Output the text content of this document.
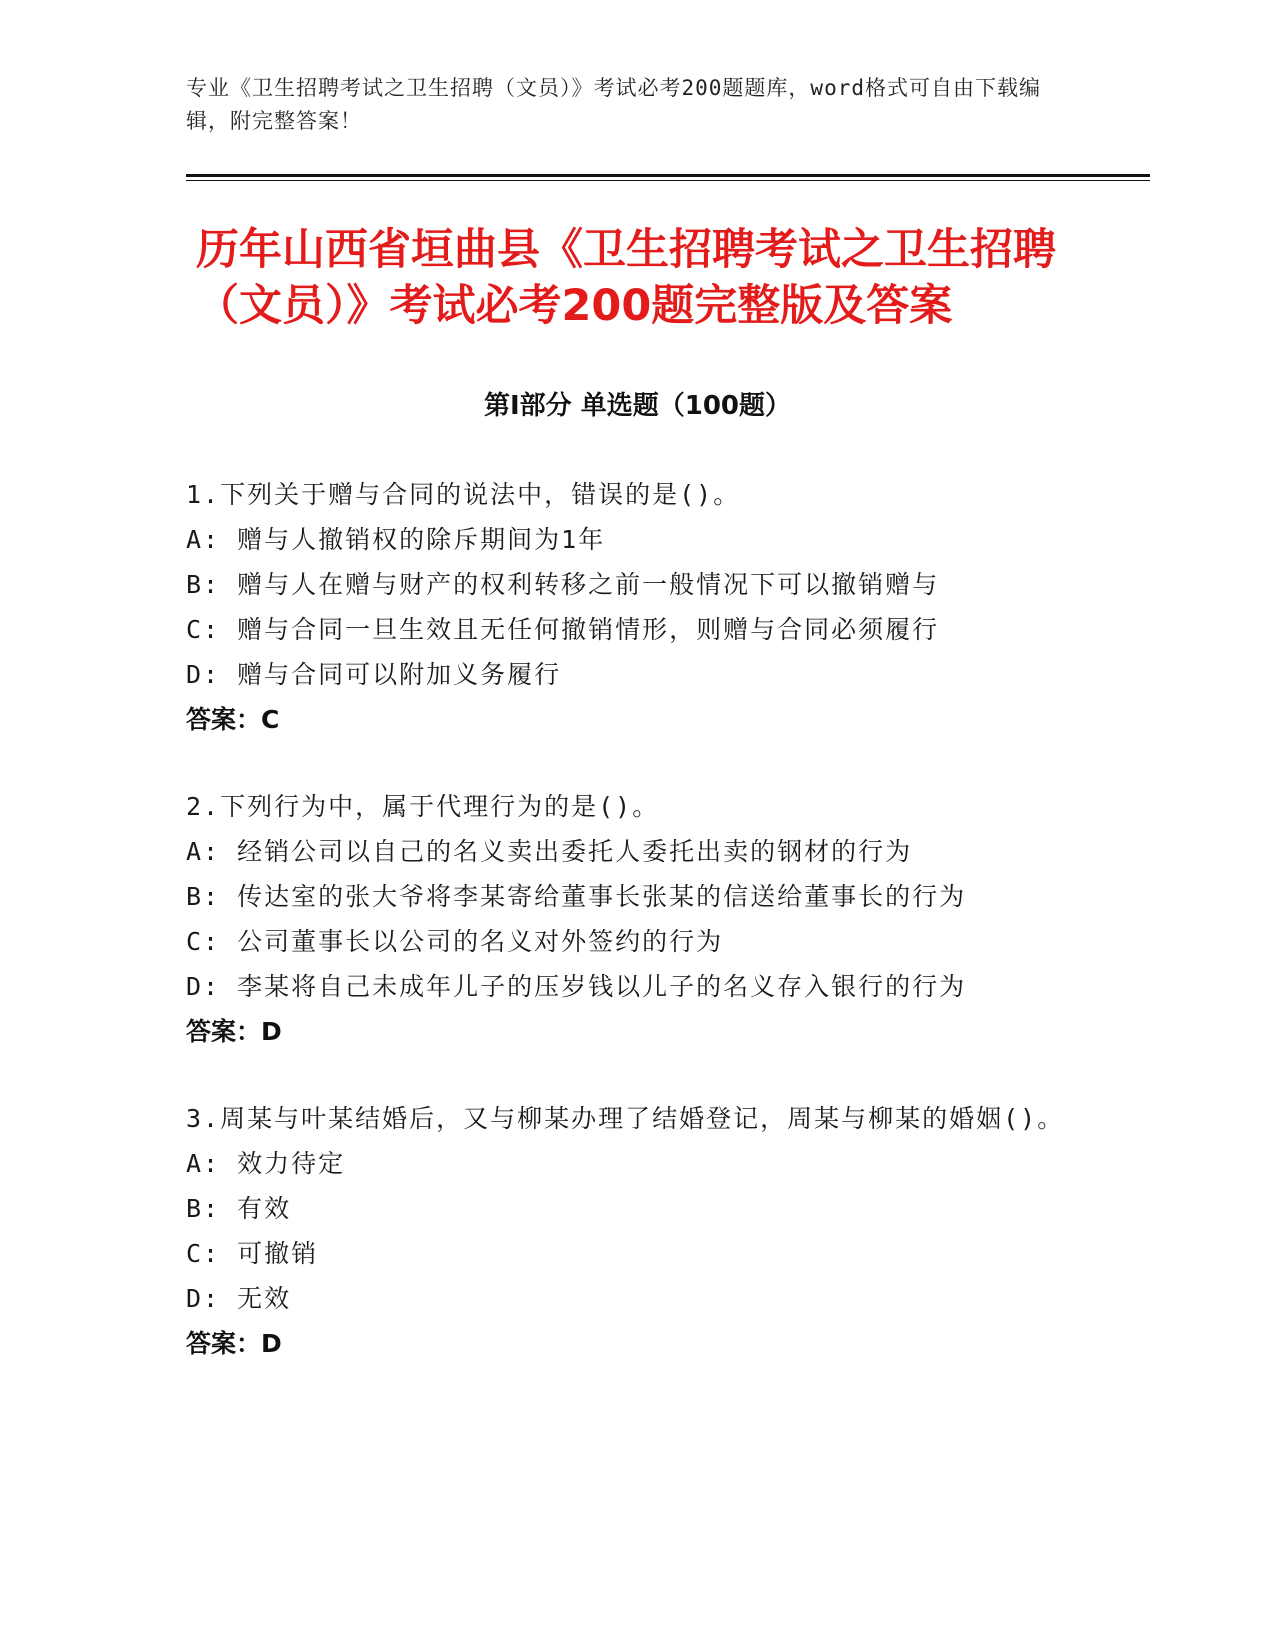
专业《卫生招聘考试之卫生招聘（文员）》考试必考200题题库，word格式可自由下载编辑，附完整答案！
历年山西省垣曲县《卫生招聘考试之卫生招聘（文员）》考试必考200题完整版及答案
第Ⅰ部分 单选题（100题）
1.下列关于赠与合同的说法中，错误的是()。
A: 赠与人撤销权的除斥期间为1年
B: 赠与人在赠与财产的权利转移之前一般情况下可以撤销赠与
C: 赠与合同一旦生效且无任何撤销情形，则赠与合同必须履行
D: 赠与合同可以附加义务履行
答案：C
2.下列行为中，属于代理行为的是()。
A: 经销公司以自己的名义卖出委托人委托出卖的钢材的行为
B: 传达室的张大爷将李某寄给董事长张某的信送给董事长的行为
C: 公司董事长以公司的名义对外签约的行为
D: 李某将自己未成年儿子的压岁钱以儿子的名义存入银行的行为
答案：D
3.周某与叶某结婚后，又与柳某办理了结婚登记，周某与柳某的婚姻()。
A: 效力待定
B: 有效
C: 可撤销
D: 无效
答案：D
